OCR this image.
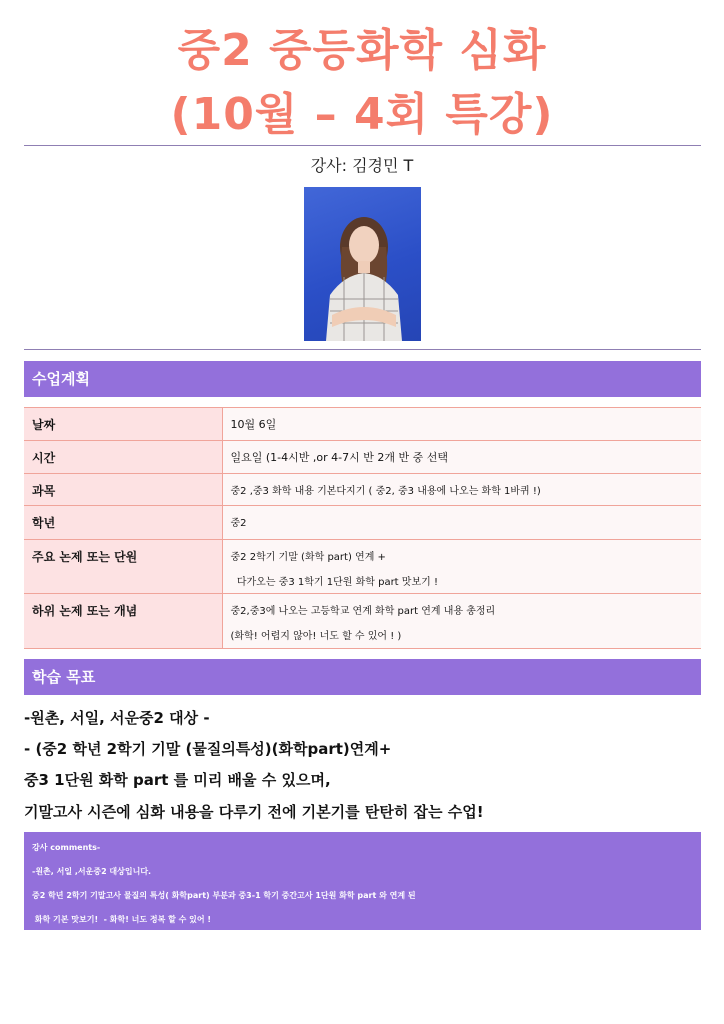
중2 중등화학 심화
(10월 – 4회 특강)
강사: 김경민 T
수업계획
날짜	10월 6일
시간	일요일 (1-4시반 ,or 4-7시 반 2개 반 중 선택
과목	중2 ,중3 화학 내용 기본다지기 ( 중2, 중3 내용에 나오는 화학 1바퀴 !)
학년	중2
주요 논제 또는 단원	중2 2학기 기말 (화학 part) 연계 +
다가오는 중3 1학기 1단원 화학 part 맛보기 !

하위 논제 또는 개념	중2,중3에 나오는 고등학교 연계 화학 part 연계 내용 총정리
(화학! 어렵지 않아! 너도 할 수 있어 ! )
학습 목표
-원촌, 서일, 서운중2 대상 -
- (중2 학년 2학기 기말 (물질의특성)(화학part)연계+
중3 1단원 화학 part 를 미리 배울 수 있으며,
기말고사 시즌에 심화 내용을 다루기 전에 기본기를 탄탄히 잡는 수업!
강사 comments-
-원촌, 서일 ,서운중2 대상입니다.
중2 학년 2학기 기말고사 물질의 특성( 화학part) 부분과 중3-1 학기 중간고사 1단원 화학 part 와 연계 된
화학 기본 맛보기!  - 화학! 너도 정복 할 수 있어 !
